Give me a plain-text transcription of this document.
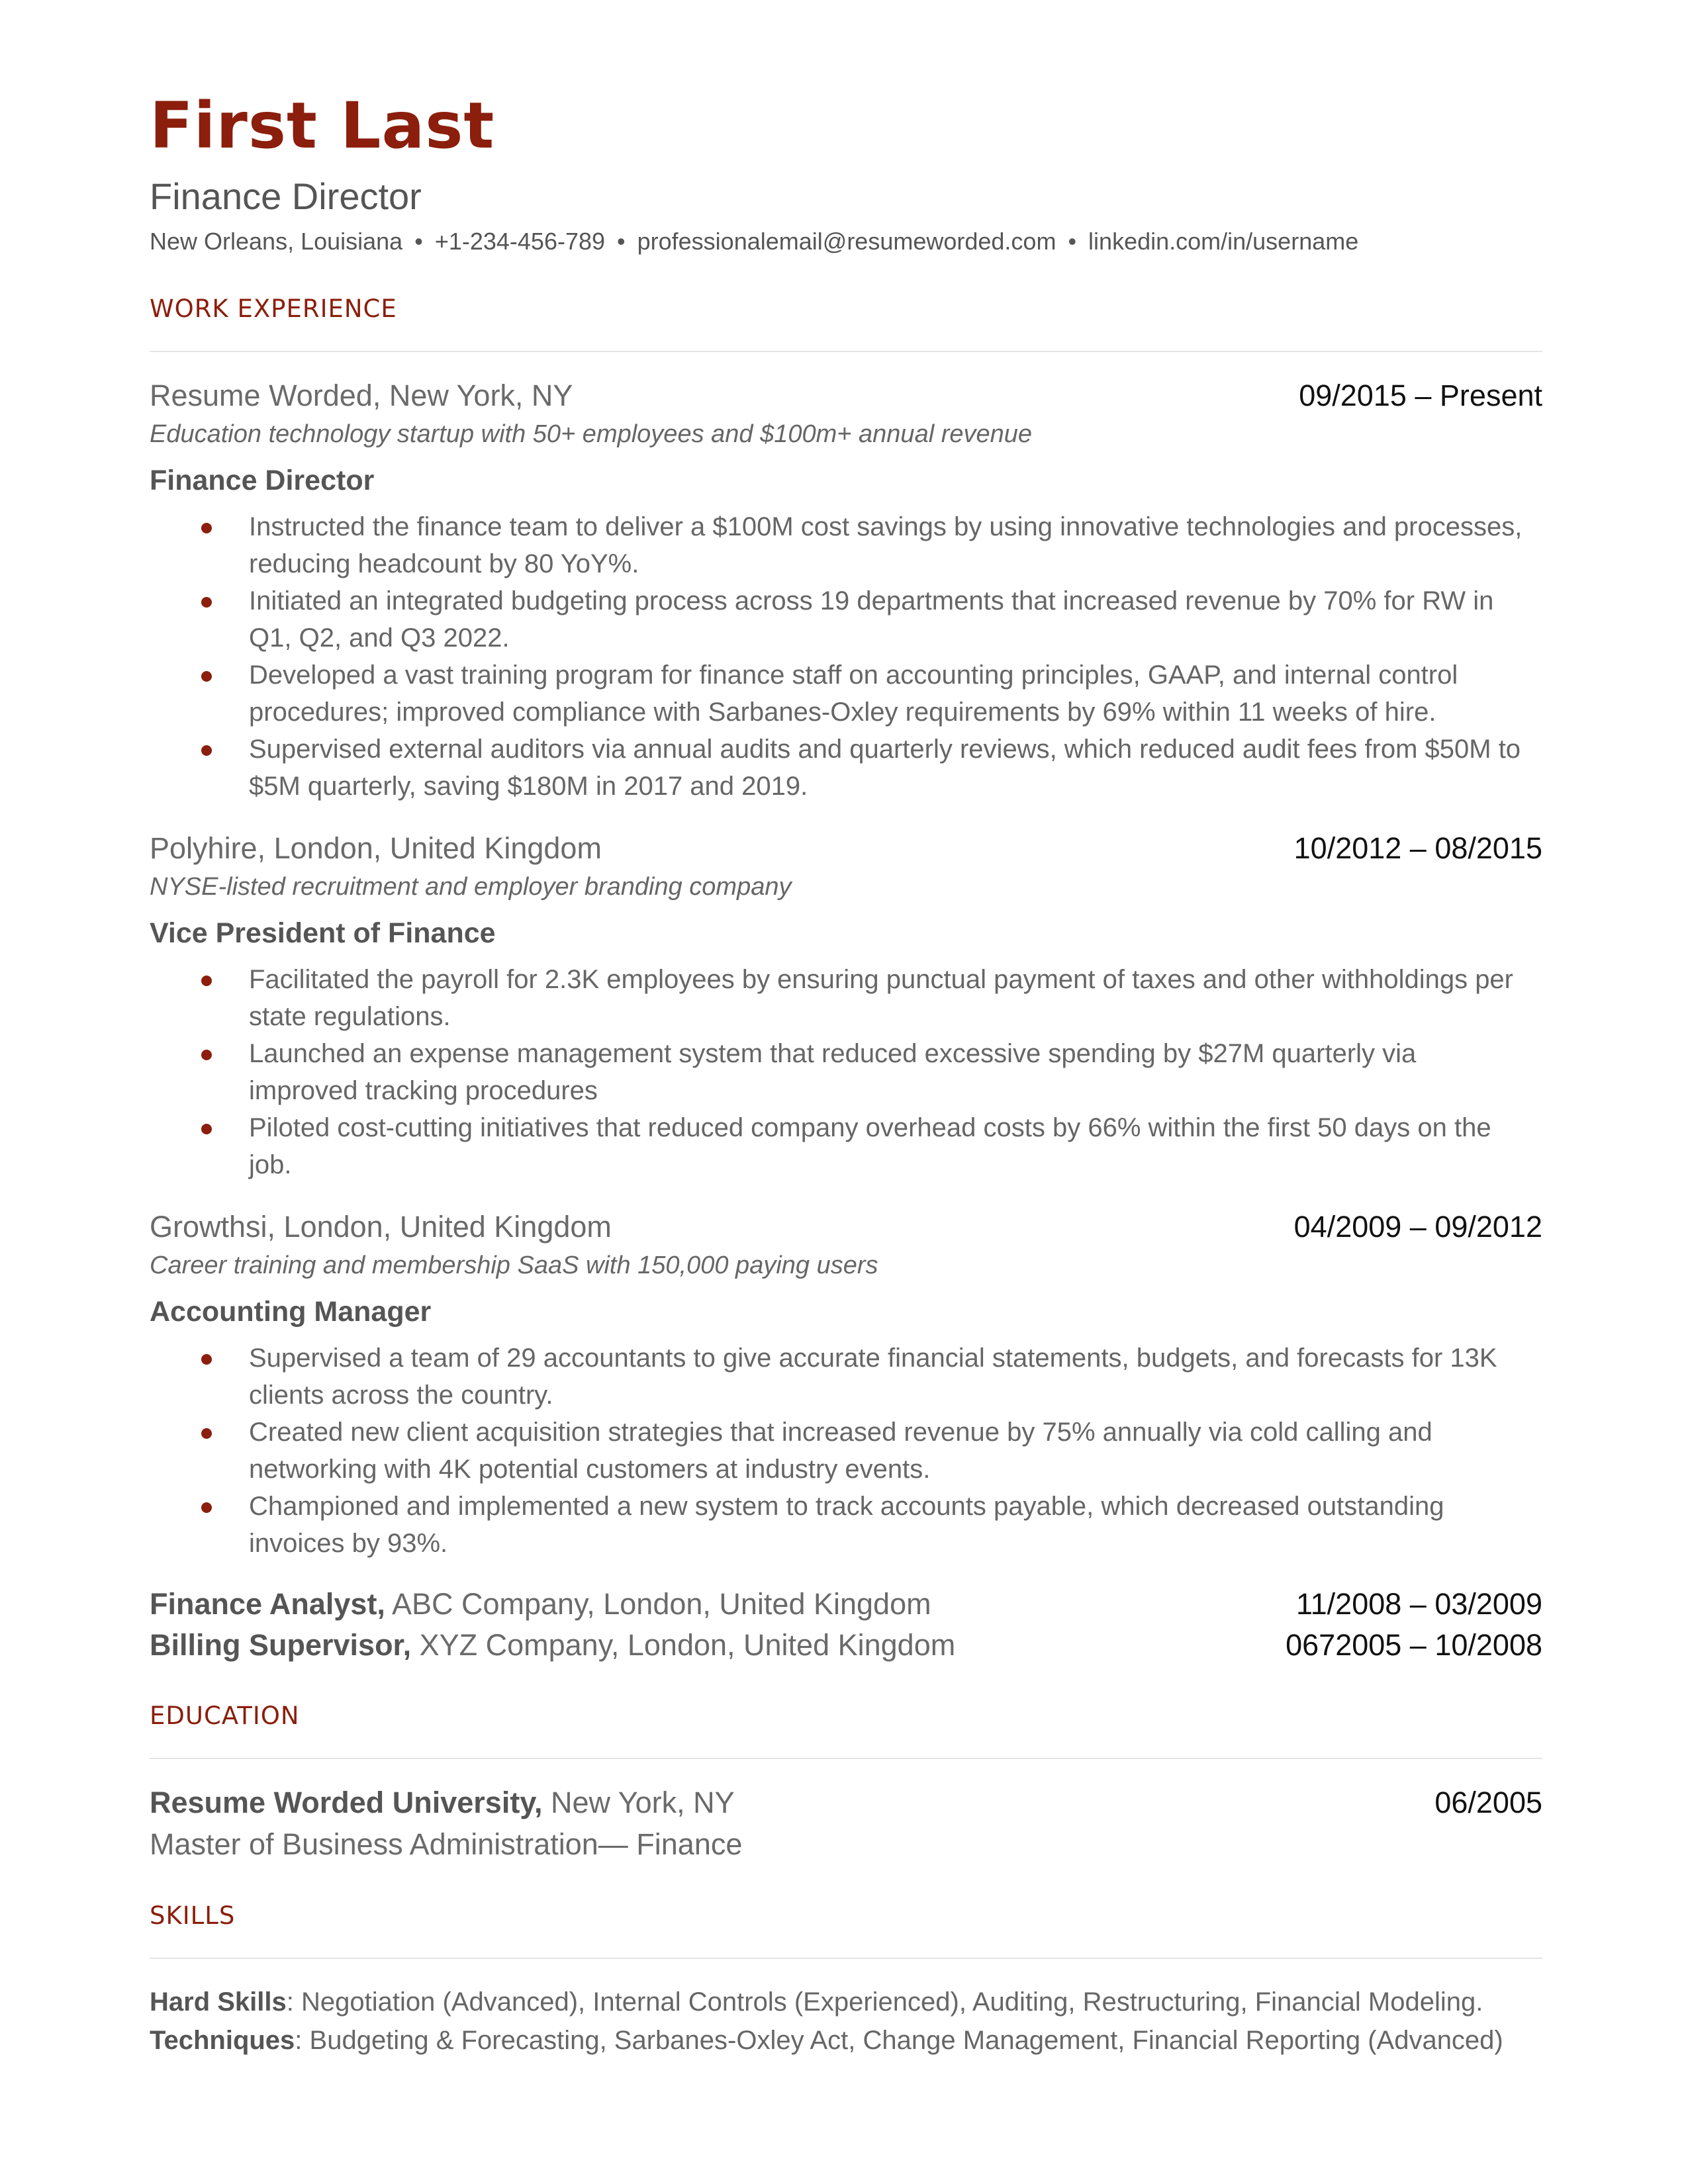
First Last
Finance Director
New Orleans, Louisiana • +1-234-456-789 • professionalemail@resumeworded.com • linkedin.com/in/username
WORK EXPERIENCE
Resume Worded, New York, NY	09/2015 – Present
Education technology startup with 50+ employees and $100m+ annual revenue
Finance Director
Instructed the finance team to deliver a $100M cost savings by using innovative technologies and processes, reducing headcount by 80 YoY%.
Initiated an integrated budgeting process across 19 departments that increased revenue by 70% for RW in Q1, Q2, and Q3 2022.
Developed a vast training program for finance staff on accounting principles, GAAP, and internal control procedures; improved compliance with Sarbanes-Oxley requirements by 69% within 11 weeks of hire.
Supervised external auditors via annual audits and quarterly reviews, which reduced audit fees from $50M to $5M quarterly, saving $180M in 2017 and 2019.
Polyhire, London, United Kingdom	10/2012 – 08/2015
NYSE-listed recruitment and employer branding company
Vice President of Finance
Facilitated the payroll for 2.3K employees by ensuring punctual payment of taxes and other withholdings per state regulations.
Launched an expense management system that reduced excessive spending by $27M quarterly via improved tracking procedures
Piloted cost-cutting initiatives that reduced company overhead costs by 66% within the first 50 days on the job.
Growthsi, London, United Kingdom	04/2009 – 09/2012
Career training and membership SaaS with 150,000 paying users
Accounting Manager
Supervised a team of 29 accountants to give accurate financial statements, budgets, and forecasts for 13K clients across the country.
Created new client acquisition strategies that increased revenue by 75% annually via cold calling and networking with 4K potential customers at industry events.
Championed and implemented a new system to track accounts payable, which decreased outstanding invoices by 93%.
Finance Analyst, ABC Company, London, United Kingdom	11/2008 – 03/2009
Billing Supervisor, XYZ Company, London, United Kingdom	0672005 – 10/2008
EDUCATION
Resume Worded University, New York, NY	06/2005
Master of Business Administration— Finance
SKILLS
Hard Skills: Negotiation (Advanced), Internal Controls (Experienced), Auditing, Restructuring, Financial Modeling.
Techniques: Budgeting & Forecasting, Sarbanes-Oxley Act, Change Management, Financial Reporting (Advanced)
